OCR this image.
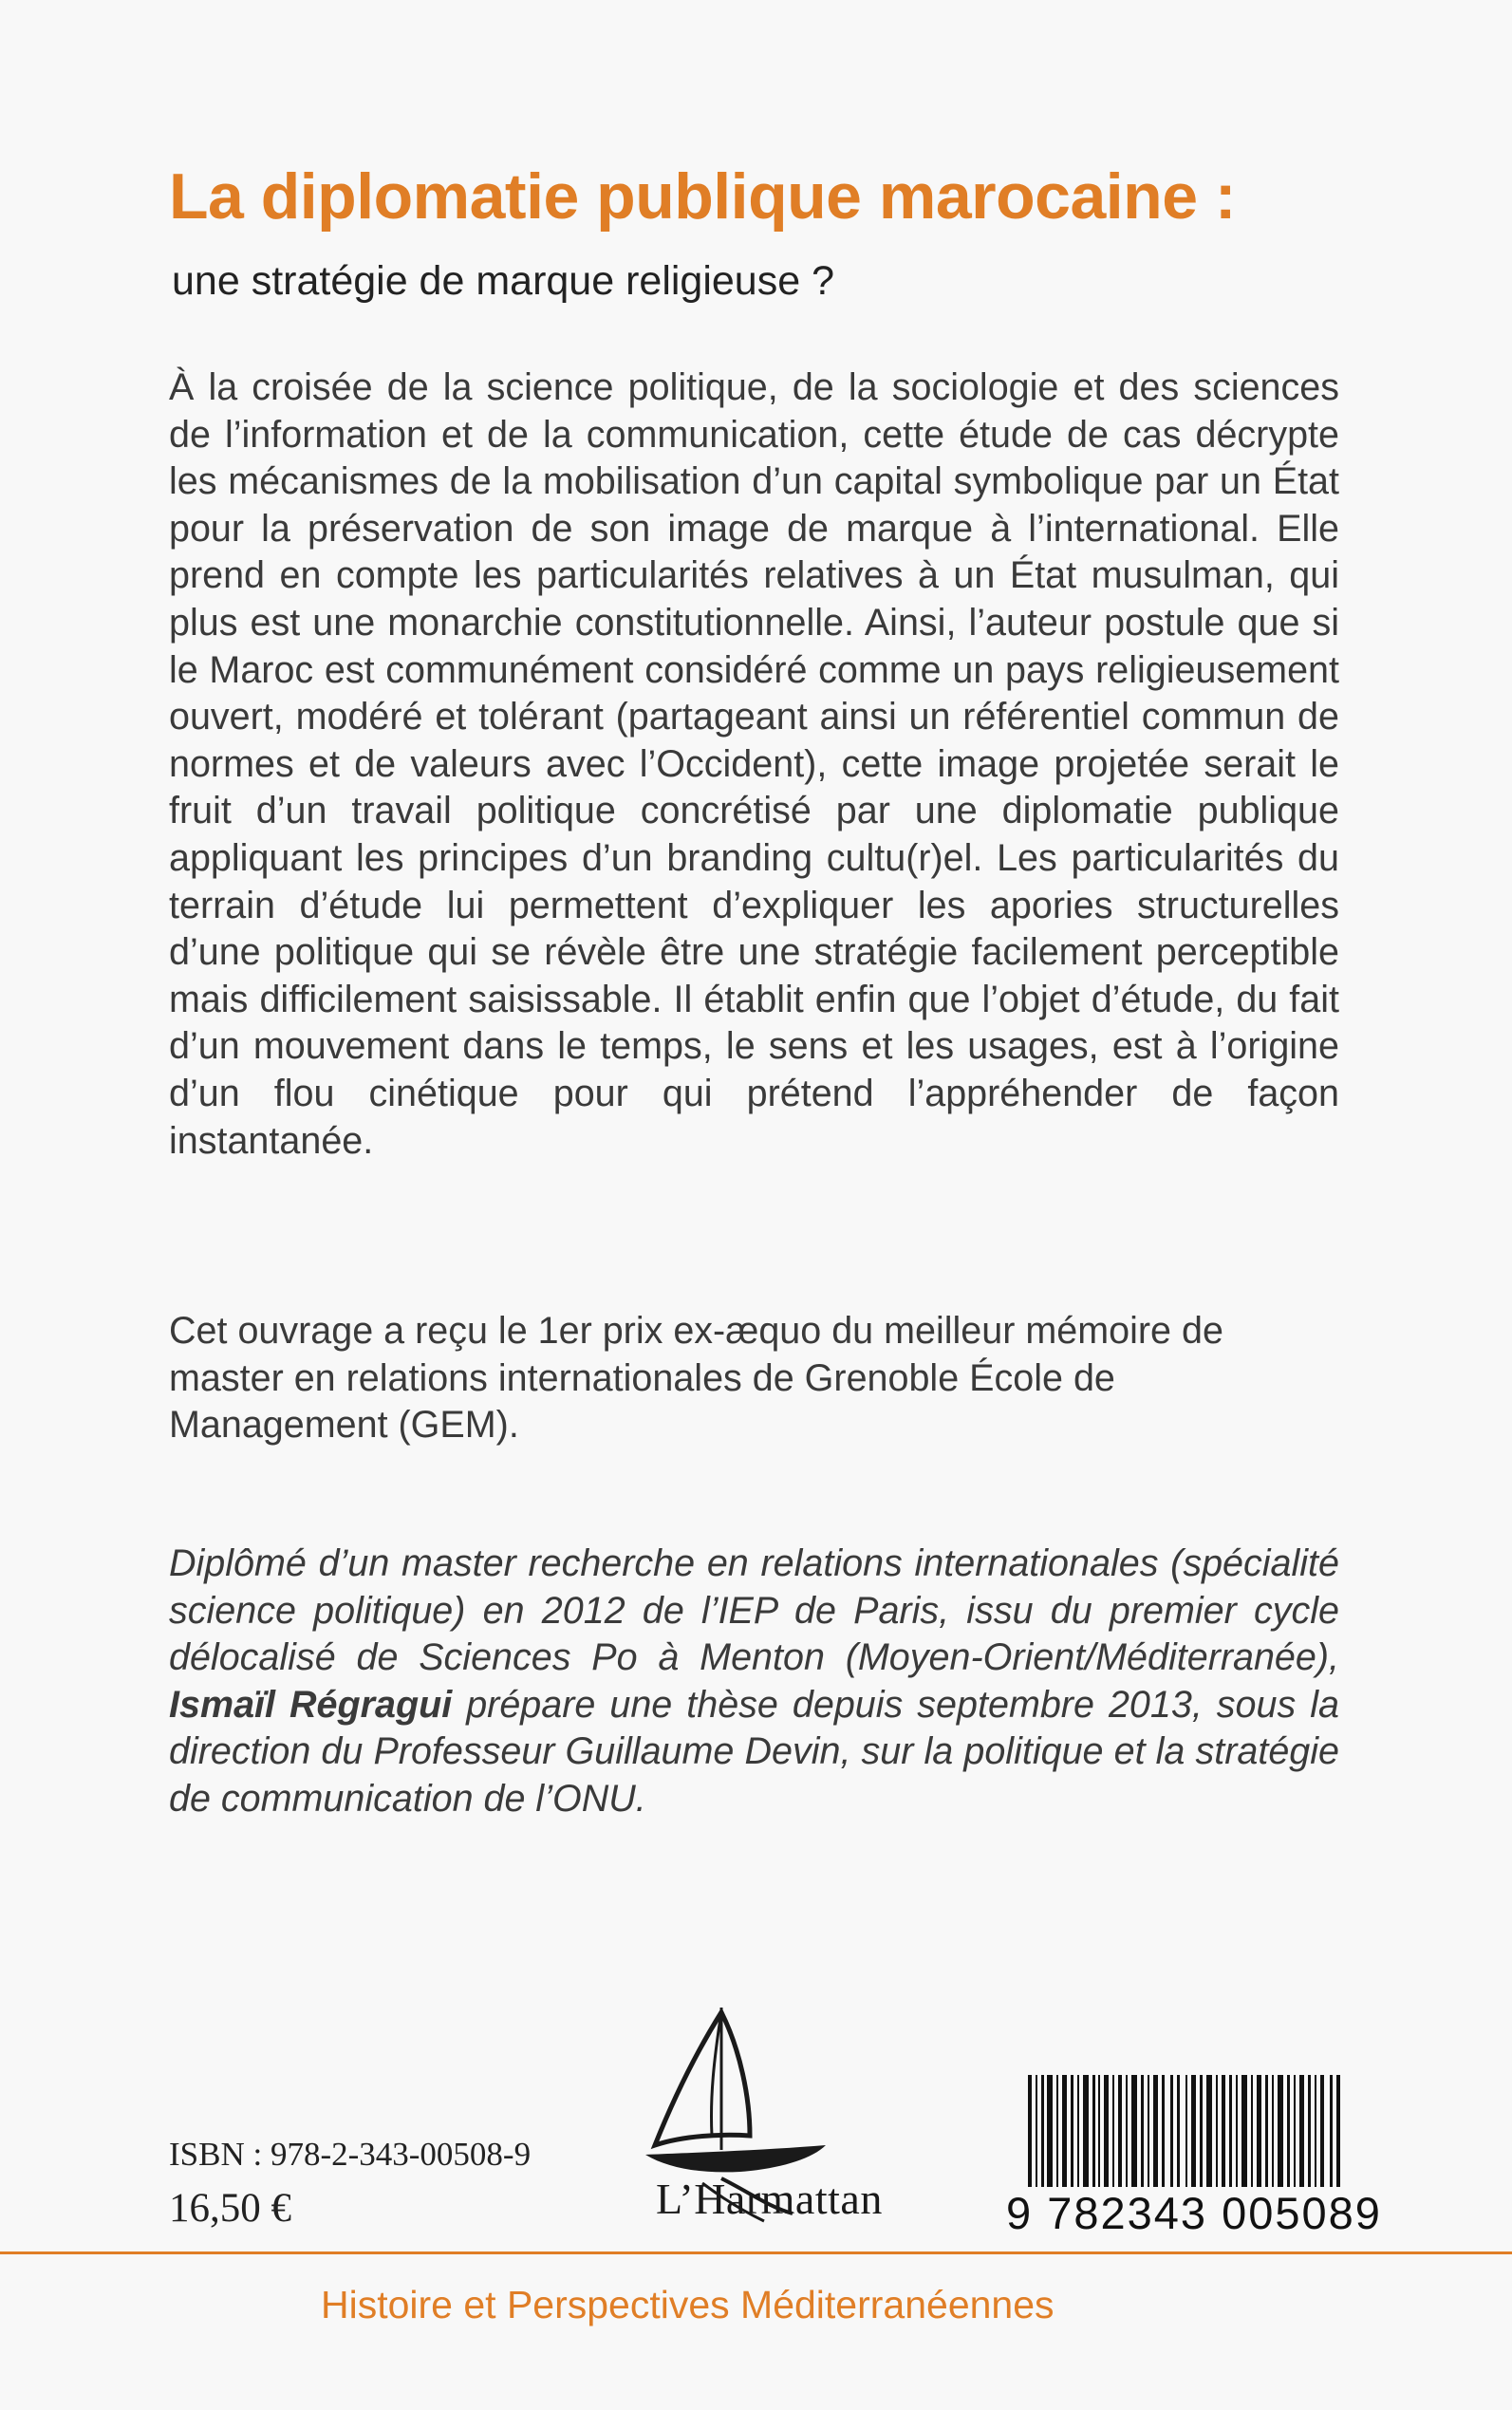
La diplomatie publique marocaine :
une stratégie de marque religieuse ?

À la croisée de la science politique, de la sociologie et des sciences de l’information et de la communication, cette étude de cas décrypte les mécanismes de la mobilisation d’un capital symbolique par un État pour la préservation de son image de marque à l’international. Elle prend en compte les particularités relatives à un État musulman, qui plus est une monarchie constitutionnelle. Ainsi, l’auteur postule que si le Maroc est communément considéré comme un pays religieusement ouvert, modéré et tolérant (partageant ainsi un référentiel commun de normes et de valeurs avec l’Occident), cette image projetée serait le fruit d’un travail politique concrétisé par une diplomatie publique appliquant les principes d’un branding cultu(r)el. Les particularités du terrain d’étude lui permettent d’expliquer les apories structurelles d’une politique qui se révèle être une stratégie facilement perceptible mais difficilement saisissable. Il établit enfin que l’objet d’étude, du fait d’un mouvement dans le temps, le sens et les usages, est à l’origine d’un flou cinétique pour qui prétend l’appréhender de façon instantanée.

Cet ouvrage a reçu le 1er prix ex-æquo du meilleur mémoire de master en relations internationales de Grenoble École de Management (GEM).

Diplômé d’un master recherche en relations internationales (spécialité science politique) en 2012 de l’IEP de Paris, issu du premier cycle délocalisé de Sciences Po à Menton (Moyen-Orient/Méditerranée), Ismaïl Régragui prépare une thèse depuis septembre 2013, sous la direction du Professeur Guillaume Devin, sur la politique et la stratégie de communication de l’ONU.

ISBN : 978-2-343-00508-9
16,50 €	L’Harmattan	9 782343 005089
Histoire et Perspectives Méditerranéennes
